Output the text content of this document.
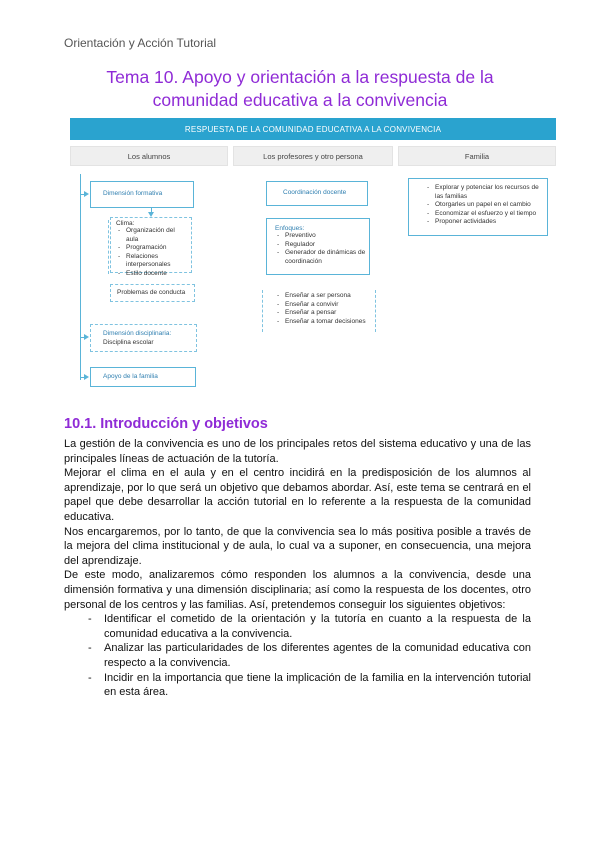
Orientación y Acción Tutorial
Tema 10. Apoyo y orientación a la respuesta de la
comunidad educativa a la convivencia
RESPUESTA DE LA COMUNIDAD EDUCATIVA A LA CONVIVENCIA
Los alumnos	Los profesores y otro persona	Familia
Dimensión formativa
Clima:
- Organización del aula
- Programación
- Relaciones interpersonales
- Estilo docente
Problemas de conducta
Dimensión disciplinaria:
Disciplina escolar
Apoyo de la familia
Coordinación docente
Enfoques:
- Preventivo
- Regulador
- Generador de dinámicas de coordinación
- Enseñar a ser persona
- Enseñar a convivir
- Enseñar a pensar
- Enseñar a tomar decisiones
- Explorar y potenciar los recursos de las familias
- Otorgarles un papel en el cambio
- Economizar el esfuerzo y el tiempo
- Proponer actividades
10.1. Introducción y objetivos

La gestión de la convivencia es uno de los principales retos del sistema educativo y una de las principales líneas de actuación de la tutoría.

Mejorar el clima en el aula y en el centro incidirá en la predisposición de los alumnos al aprendizaje, por lo que será un objetivo que debamos abordar. Así, este tema se centrará en el papel que debe desarrollar la acción tutorial en lo referente a la respuesta de la comunidad educativa.

Nos encargaremos, por lo tanto, de que la convivencia sea lo más positiva posible a través de la mejora del clima institucional y de aula, lo cual va a suponer, en consecuencia, una mejora del aprendizaje.

De este modo, analizaremos cómo responden los alumnos a la convivencia, desde una dimensión formativa y una dimensión disciplinaria; así como la respuesta de los docentes, otro personal de los centros y las familias. Así, pretendemos conseguir los siguientes objetivos:

- Identificar el cometido de la orientación y la tutoría en cuanto a la respuesta de la comunidad educativa a la convivencia.
- Analizar las particularidades de los diferentes agentes de la comunidad educativa con respecto a la convivencia.
- Incidir en la importancia que tiene la implicación de la familia en la intervención tutorial en esta área.
